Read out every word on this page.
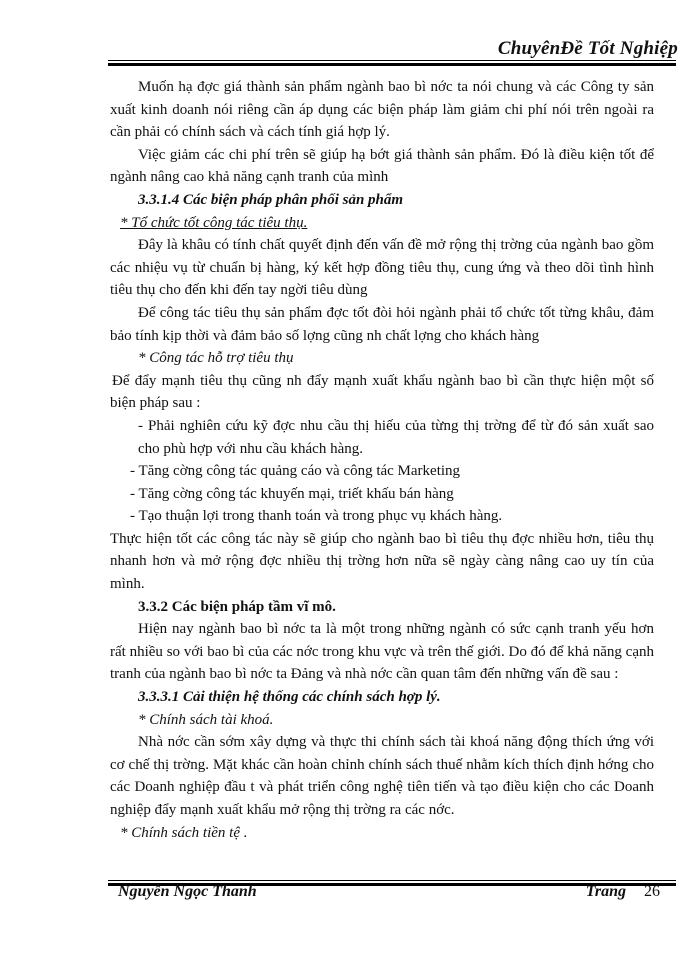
ChuyênĐề Tốt Nghiệp

Muốn hạ đợc giá thành sản phẩm ngành bao bì nớc ta nói chung và các Công ty sản xuất kinh doanh nói riêng cần áp dụng các biện pháp làm giảm chi phí nói trên ngoài ra cần phải có chính sách và cách tính giá hợp lý.

Việc giảm các chi phí trên sẽ giúp hạ bớt giá thành sản phẩm. Đó là điều kiện tốt để ngành nâng cao khả năng cạnh tranh của mình

3.3.1.4 Các biện pháp phân phối sản phẩm

* Tổ chức tốt công tác tiêu thụ.

Đây là khâu có tính chất quyết định đến vấn đề mở rộng thị trờng của ngành bao gồm các nhiệu vụ từ chuẩn bị hàng, ký kết hợp đồng tiêu thụ, cung ứng và theo dõi tình hình tiêu thụ cho đến khi đến tay ngời tiêu dùng

Để công tác tiêu thụ sản phẩm đợc tốt đòi hỏi ngành phải tổ chức tốt từng khâu, đảm bảo tính kịp thời và đảm bảo số lợng cũng nh chất lợng cho khách hàng

* Công tác hỗ trợ tiêu thụ

Để đẩy mạnh tiêu thụ cũng nh đẩy mạnh xuất khẩu ngành bao bì cần thực hiện một số biện pháp sau :

- Phải nghiên cứu kỹ đợc nhu cầu thị hiếu của từng thị trờng để từ đó sản xuất sao cho phù hợp với nhu cầu khách hàng.

- Tăng cờng công tác quảng cáo và công tác Marketing

- Tăng cờng công tác khuyến mại, triết khấu bán hàng

- Tạo thuận lợi trong thanh toán và trong phục vụ khách hàng.

Thực hiện tốt các công tác này sẽ giúp cho ngành bao bì tiêu thụ đợc nhiều hơn, tiêu thụ nhanh hơn và mở rộng đợc nhiều thị trờng hơn nữa sẽ ngày càng nâng cao uy tín của mình.

3.3.2 Các biện pháp tầm vĩ mô.

Hiện nay ngành bao bì nớc ta là một trong những ngành có sức cạnh tranh yếu hơn rất nhiều so với bao bì của các nớc trong khu vực và trên thế giới. Do đó để khả năng cạnh tranh của ngành bao bì nớc ta Đảng và nhà nớc cần quan tâm đến những vấn đề sau :

3.3.3.1 Cải thiện hệ thống các chính sách hợp lý.

* Chính sách tài khoá.

Nhà nớc cần sớm xây dựng và thực thi chính sách tài khoá năng động thích ứng với cơ chế thị trờng. Mặt khác cần hoàn chỉnh chính sách thuế nhằm kích thích định hớng cho các Doanh nghiệp đầu t và phát triển công nghệ tiên tiến và tạo điều kiện cho các Doanh nghiệp đẩy mạnh xuất khẩu mở rộng thị trờng ra các nớc.

* Chính sách tiền tệ .

Nguyễn Ngọc Thanh	Trang 26
